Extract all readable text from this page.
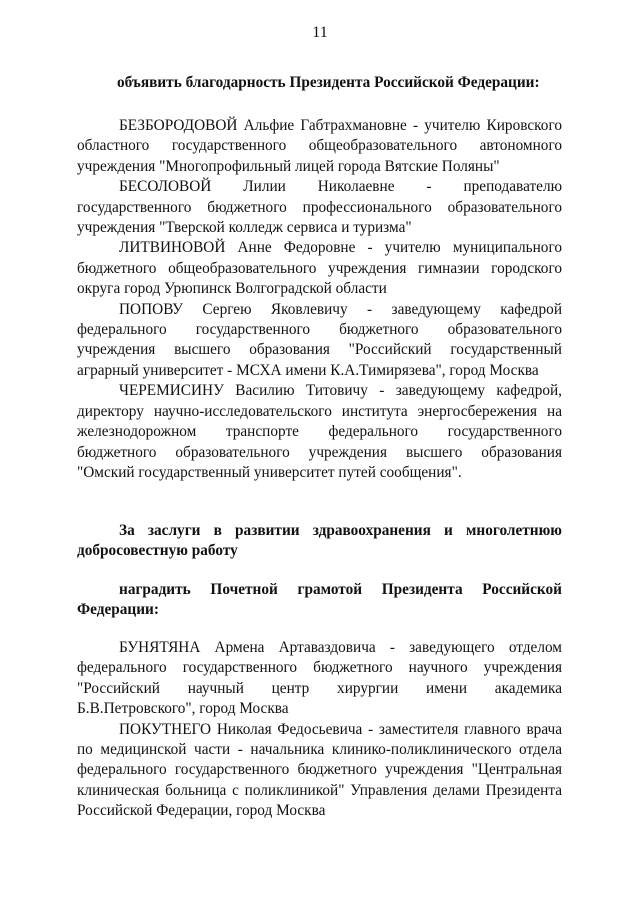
11
объявить благодарность Президента Российской Федерации:

БЕЗБОРОДОВОЙ Альфие Габтрахмановне - учителю Кировского областного государственного общеобразовательного автономного учреждения "Многопрофильный лицей города Вятские Поляны"

БЕСОЛОВОЙ Лилии Николаевне - преподавателю государственного бюджетного профессионального образовательного учреждения "Тверской колледж сервиса и туризма"

ЛИТВИНОВОЙ Анне Федоровне - учителю муниципального бюджетного общеобразовательного учреждения гимназии городского округа город Урюпинск Волгоградской области

ПОПОВУ Сергею Яковлевичу - заведующему кафедрой федерального государственного бюджетного образовательного учреждения высшего образования "Российский государственный аграрный университет - МСХА имени К.А.Тимирязева", город Москва

ЧЕРЕМИСИНУ Василию Титовичу - заведующему кафедрой, директору научно-исследовательского института энергосбережения на железнодорожном транспорте федерального государственного бюджетного образовательного учреждения высшего образования "Омский государственный университет путей сообщения".

За заслуги в развитии здравоохранения и многолетнюю добросовестную работу

наградить Почетной грамотой Президента Российской Федерации:

БУНЯТЯНА Армена Артаваздовича - заведующего отделом федерального государственного бюджетного научного учреждения "Российский научный центр хирургии имени академика Б.В.Петровского", город Москва

ПОКУТНЕГО Николая Федосьевича - заместителя главного врача по медицинской части - начальника клинико-поликлинического отдела федерального государственного бюджетного учреждения "Центральная клиническая больница с поликлиникой" Управления делами Президента Российской Федерации, город Москва
